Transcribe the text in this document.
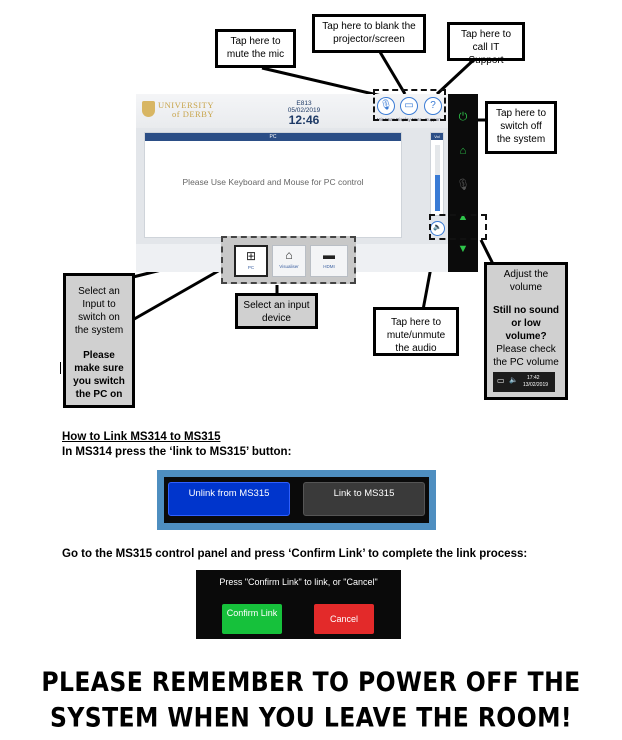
UNIVERSITY
of DERBY
E813
05/02/2019
12:46
🎙
Mic Mute
▭
Display Mute
?
Support
PC
Please Use Keyboard and Mouse for PC control
Vol
🔈
⏻
⌂
🎙
▲
▼
⊞
PC
⌂
Visualiser
▬
HDMI
Tap here to mute the mic
Tap here to blank the projector/screen	Tap here to call IT Support
Tap here to switch off the system
Select an Input to switch on the system
Please make sure you switch the PC on
Select an input device	Tap here to mute/unmute the audio
Adjust the volume
Still no sound or low volume?
Please check the PC volume
▭ 🔈 17:42
13/02/2019
How to Link MS314 to MS315
In MS314 press the ‘link to MS315’ button:
Unlink from MS315	Link to MS315
Go to the MS315 control panel and press ‘Confirm Link’ to complete the link process:
Press "Confirm Link" to link, or "Cancel"
Confirm Link
Cancel
PLEASE REMEMBER TO POWER OFF THE
SYSTEM WHEN YOU LEAVE THE ROOM!
